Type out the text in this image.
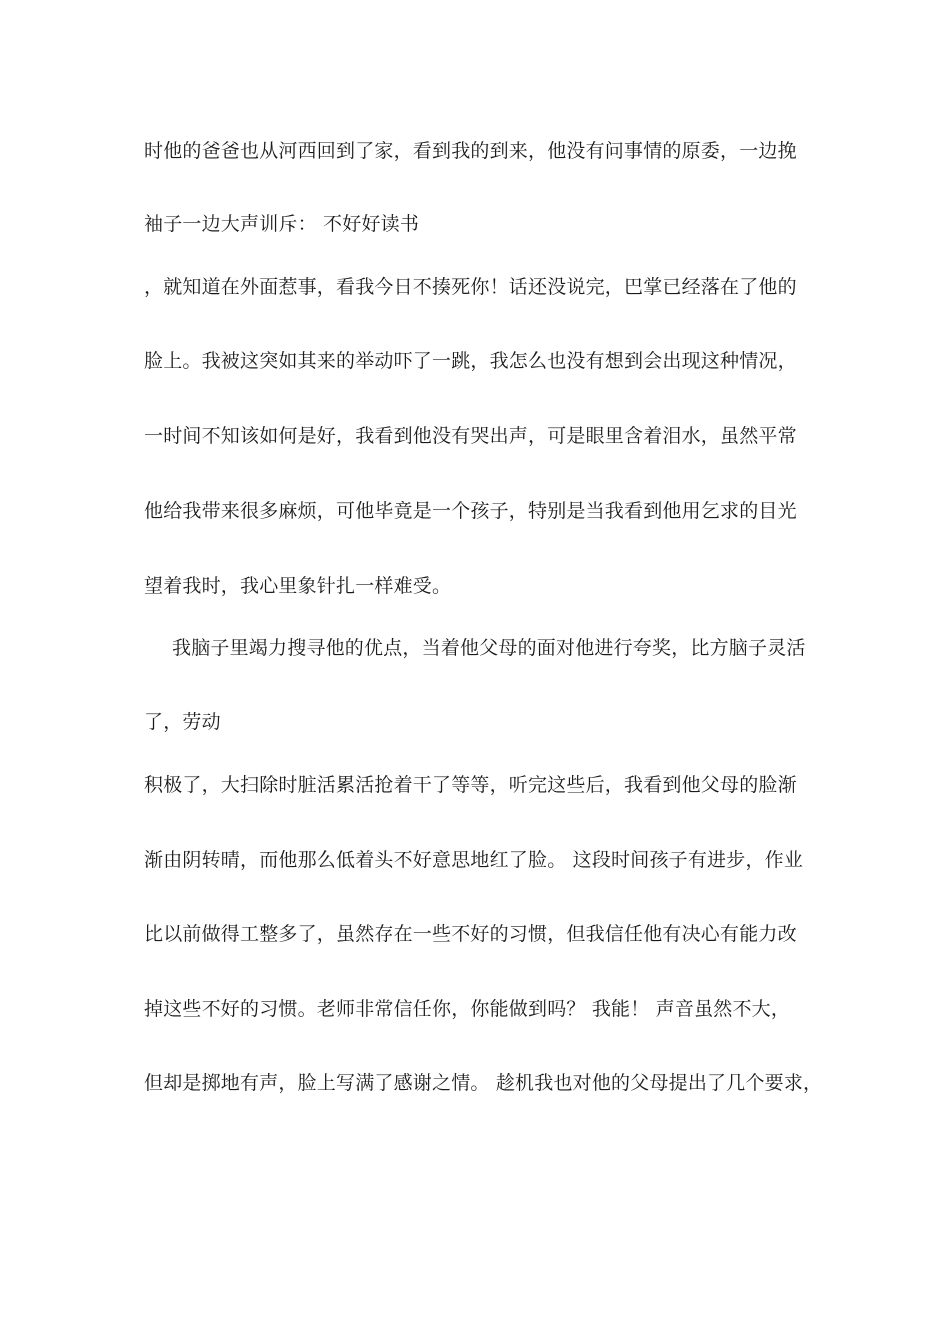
时他的爸爸也从河西回到了家，看到我的到来，他没有问事情的原委，一边挽

袖子一边大声训斥： 不好好读书

，就知道在外面惹事，看我今日不揍死你！话还没说完，巴掌已经落在了他的

脸上。我被这突如其来的举动吓了一跳，我怎么也没有想到会出现这种情况，

一时间不知该如何是好，我看到他没有哭出声，可是眼里含着泪水，虽然平常

他给我带来很多麻烦，可他毕竟是一个孩子，特别是当我看到他用乞求的目光

望着我时，我心里象针扎一样难受。

我脑子里竭力搜寻他的优点，当着他父母的面对他进行夸奖，比方脑子灵活

了，劳动

积极了，大扫除时脏活累活抢着干了等等，听完这些后，我看到他父母的脸渐

渐由阴转晴，而他那么低着头不好意思地红了脸。 这段时间孩子有进步，作业

比以前做得工整多了，虽然存在一些不好的习惯，但我信任他有决心有能力改

掉这些不好的习惯。老师非常信任你，你能做到吗？ 我能！ 声音虽然不大，

但却是掷地有声，脸上写满了感谢之情。 趁机我也对他的父母提出了几个要求，
